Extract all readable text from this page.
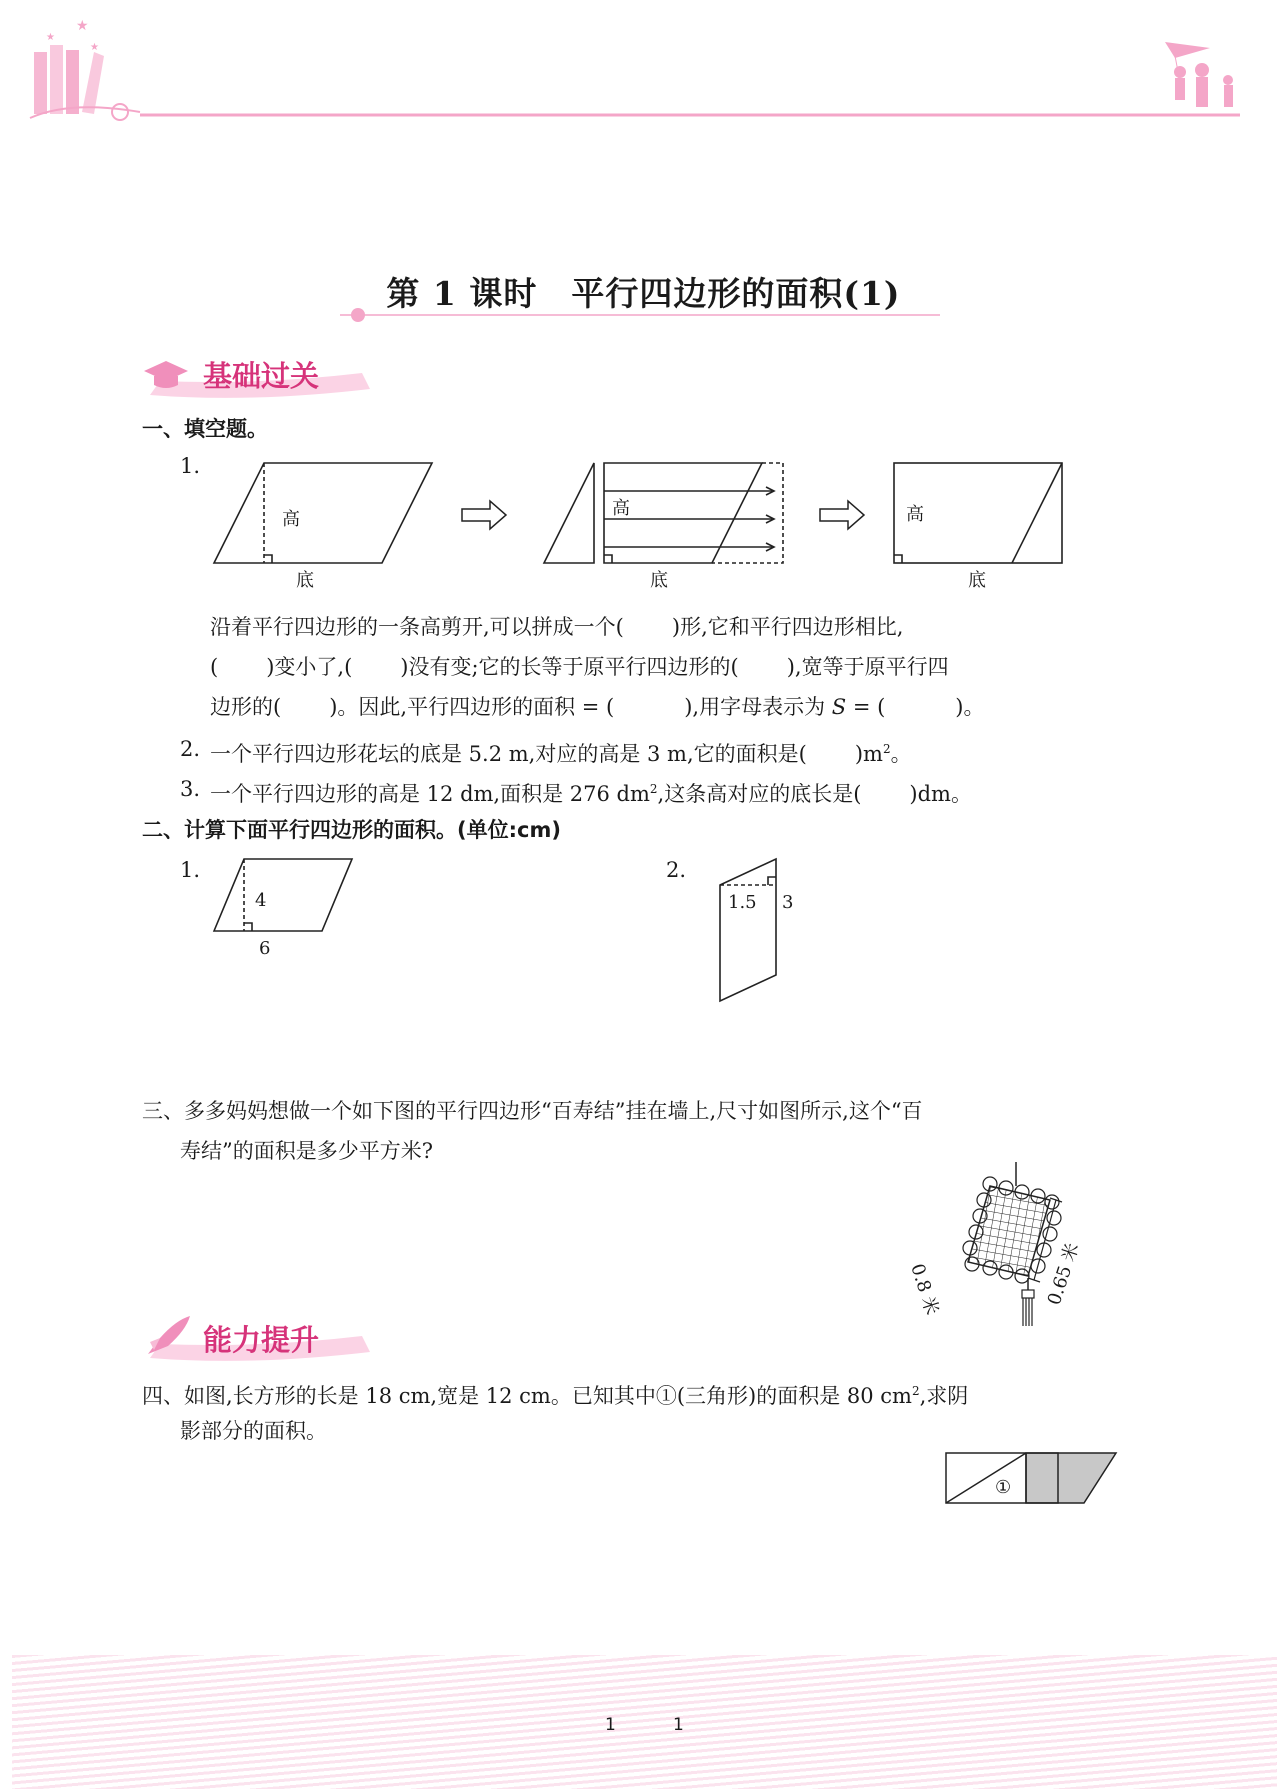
★
★
★
第 1 课时　平行四边形的面积(1)
基础过关
一、填空题。
1.
高
底
高
底
高
底
沿着平行四边形的一条高剪开,可以拼成一个( )形,它和平行四边形相比,
( )变小了,( )没有变;它的长等于原平行四边形的( ),宽等于原平行四
边形的( )。因此,平行四边形的面积 = (	),用字母表示为 S = (	)。
2. 一个平行四边形花坛的底是 5.2 m,对应的高是 3 m,它的面积是( )$m^2$。
3. 一个平行四边形的高是 12 dm,面积是 276 $dm^2$,这条高对应的底长是( )dm。
二、计算下面平行四边形的面积。(单位:cm)
1.
4
6
2.
1.5 3
三、多多妈妈想做一个如下图的平行四边形“百寿结”挂在墙上,尺寸如图所示,这个“百
寿结”的面积是多少平方米?
0.8 米	0.65 米
能力提升
四、如图,长方形的长是 18 cm,宽是 12 cm。已知其中①(三角形)的面积是 80 $cm^2$,求阴
影部分的面积。
①
1	1
